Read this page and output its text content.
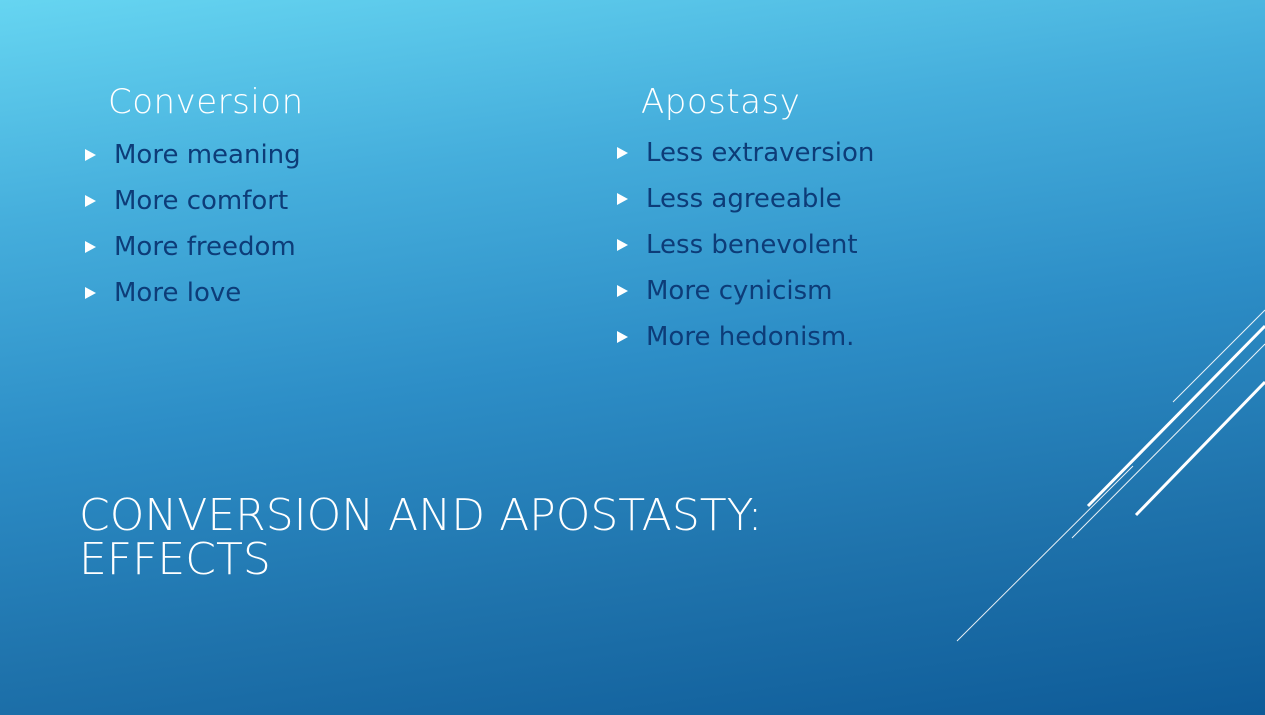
Conversion
More meaning
More comfort
More freedom
More love
Apostasy
Less extraversion
Less agreeable
Less benevolent
More cynicism
More hedonism.
CONVERSION AND APOSTASTY:
EFFECTS
